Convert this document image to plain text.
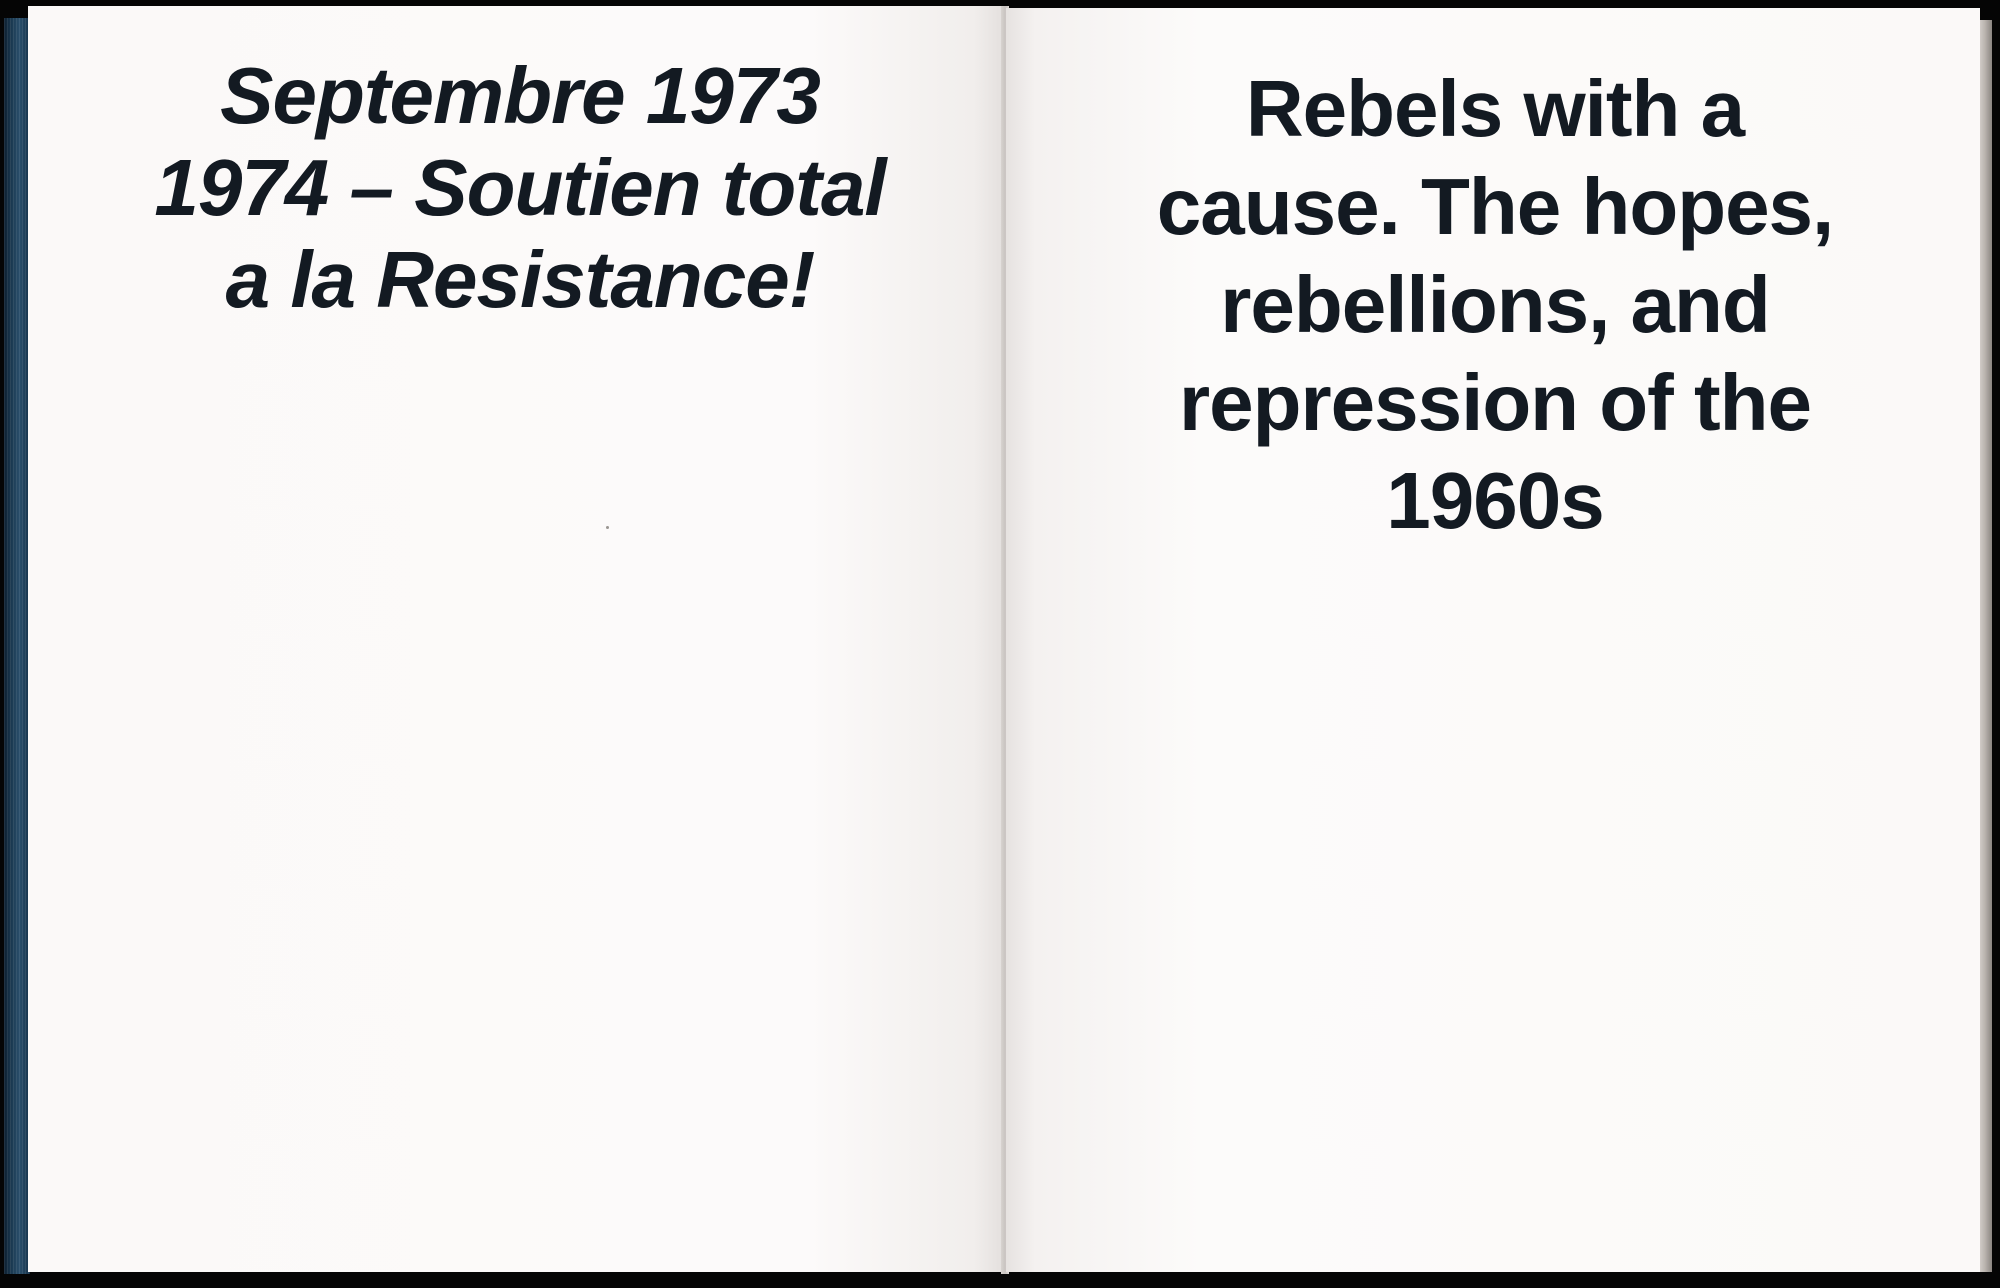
Septembre 1973
1974 – Soutien total
a la Resistance!
Rebels with a
cause. The hopes,
rebellions, and
repression of the
1960s
